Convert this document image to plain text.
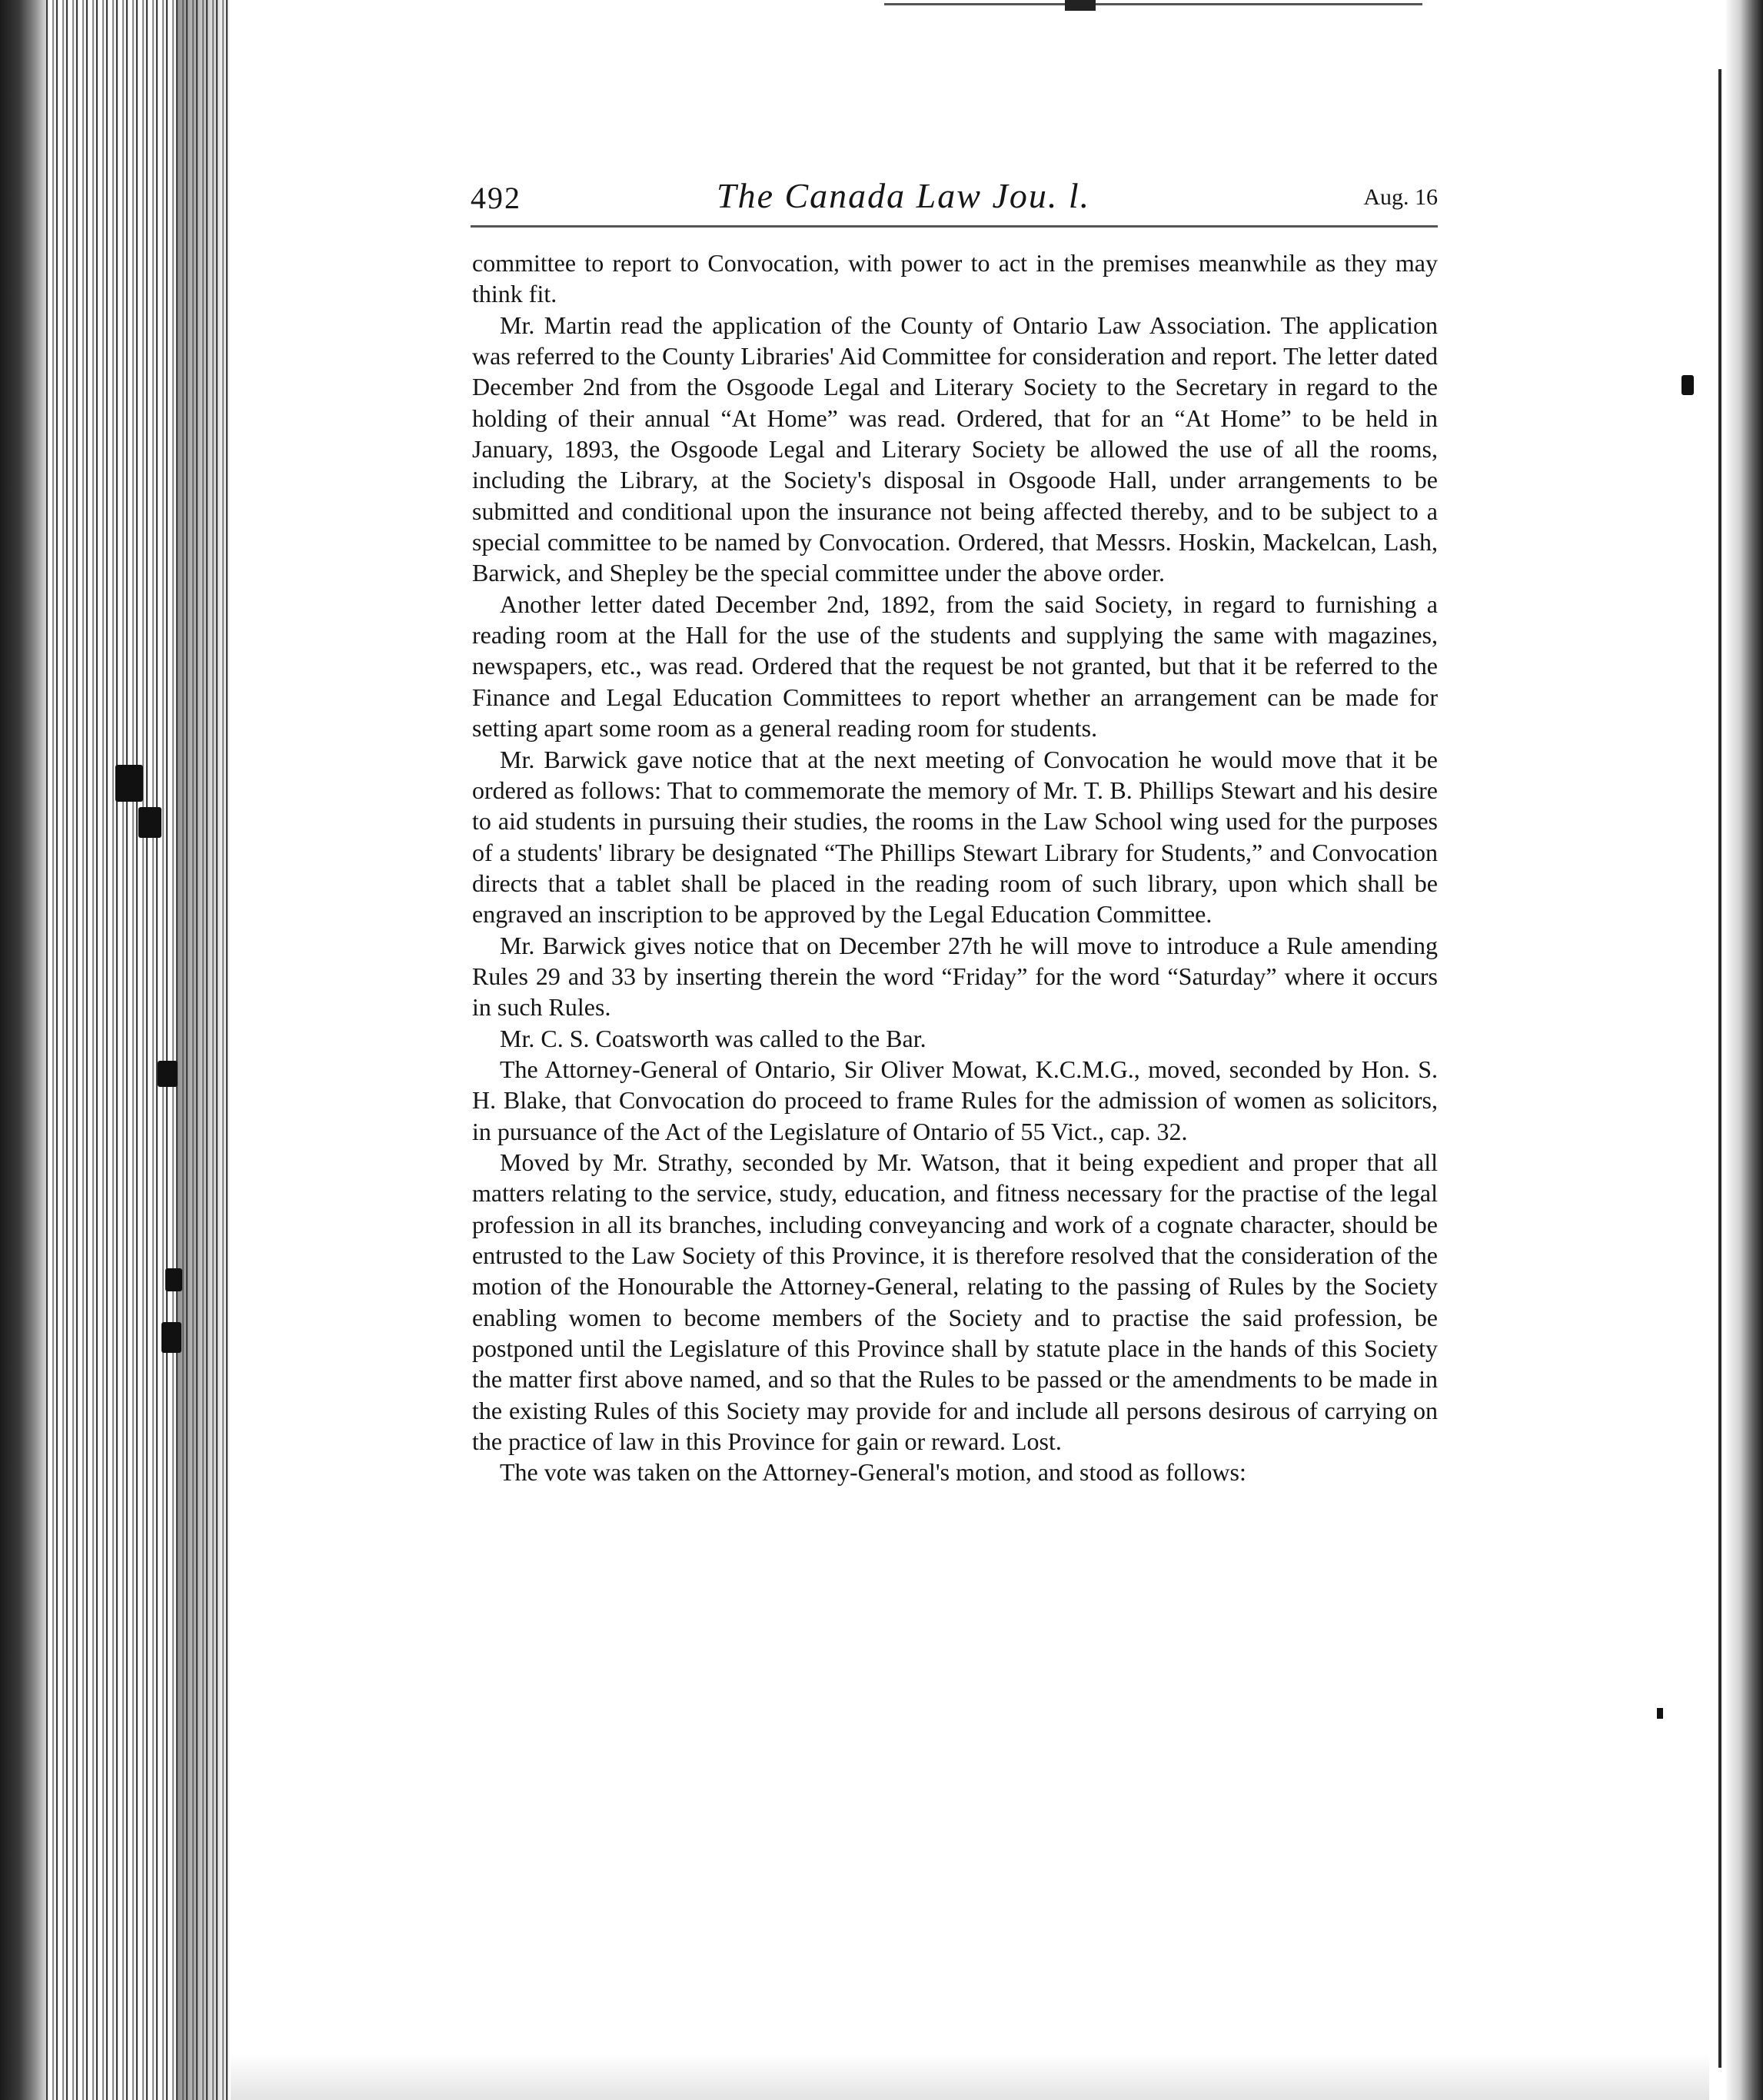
492	The Canada Law Jou. l.	Aug. 16

committee to report to Convocation, with power to act in the premises meanwhile as they may think fit.

Mr. Martin read the application of the County of Ontario Law Association. The application was referred to the County Libraries' Aid Committee for consideration and report. The letter dated December 2nd from the Osgoode Legal and Literary Society to the Secretary in regard to the holding of their annual “At Home” was read. Ordered, that for an “At Home” to be held in January, 1893, the Osgoode Legal and Literary Society be allowed the use of all the rooms, including the Library, at the Society's disposal in Osgoode Hall, under arrangements to be submitted and conditional upon the insurance not being affected thereby, and to be subject to a special committee to be named by Convocation. Ordered, that Messrs. Hoskin, Mackelcan, Lash, Barwick, and Shepley be the special committee under the above order.

Another letter dated December 2nd, 1892, from the said Society, in regard to furnishing a reading room at the Hall for the use of the students and supplying the same with magazines, newspapers, etc., was read. Ordered that the request be not granted, but that it be referred to the Finance and Legal Education Committees to report whether an arrangement can be made for setting apart some room as a general reading room for students.

Mr. Barwick gave notice that at the next meeting of Convocation he would move that it be ordered as follows: That to commemorate the memory of Mr. T. B. Phillips Stewart and his desire to aid students in pursuing their studies, the rooms in the Law School wing used for the purposes of a students' library be designated “The Phillips Stewart Library for Students,” and Convocation directs that a tablet shall be placed in the reading room of such library, upon which shall be engraved an inscription to be approved by the Legal Education Committee.

Mr. Barwick gives notice that on December 27th he will move to introduce a Rule amending Rules 29 and 33 by inserting therein the word “Friday” for the word “Saturday” where it occurs in such Rules.

Mr. C. S. Coatsworth was called to the Bar.

The Attorney-General of Ontario, Sir Oliver Mowat, K.C.M.G., moved, seconded by Hon. S. H. Blake, that Convocation do proceed to frame Rules for the admission of women as solicitors, in pursuance of the Act of the Legislature of Ontario of 55 Vict., cap. 32.

Moved by Mr. Strathy, seconded by Mr. Watson, that it being expedient and proper that all matters relating to the service, study, education, and fitness necessary for the practise of the legal profession in all its branches, including conveyancing and work of a cognate character, should be entrusted to the Law Society of this Province, it is therefore resolved that the consideration of the motion of the Honourable the Attorney-General, relating to the passing of Rules by the Society enabling women to become members of the Society and to practise the said profession, be postponed until the Legislature of this Province shall by statute place in the hands of this Society the matter first above named, and so that the Rules to be passed or the amendments to be made in the existing Rules of this Society may provide for and include all persons desirous of carrying on the practice of law in this Province for gain or reward. Lost.

The vote was taken on the Attorney-General's motion, and stood as follows:
